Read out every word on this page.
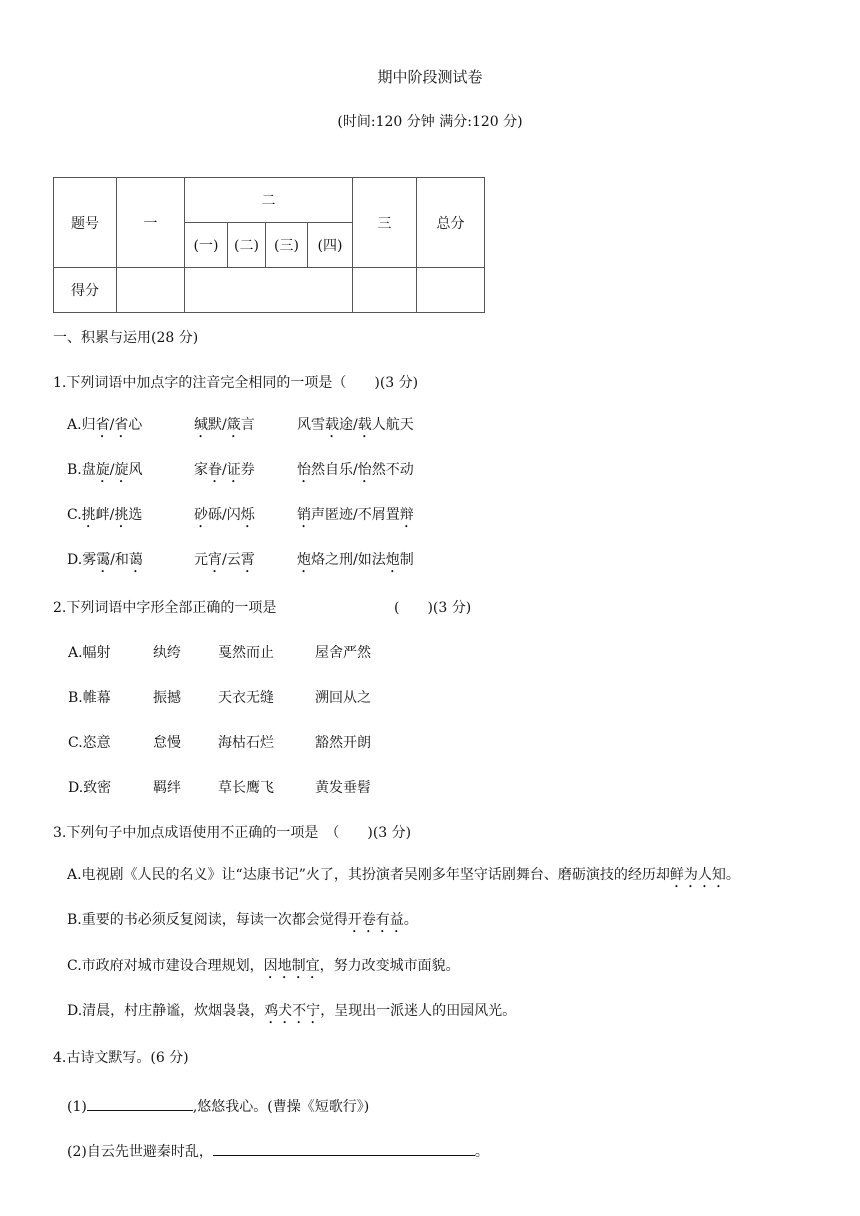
期中阶段测试卷
(时间:120 分钟 满分:120 分)
题号	一	二				三	总分
		(一)	(二)	(三)	(四)		
得分							
一、积累与运用(28 分)
1.下列词语中加点字的注音完全相同的一项是（　　)(3 分)
A.归省/省心	缄默/箴言	风雪载途/载人航天
B.盘旋/旋风	家眷/证券	怡然自乐/怡然不动
C.挑衅/挑选	砂砾/闪烁	销声匿迹/不屑置辩
D.雾霭/和蔼	元宵/云霄	炮烙之刑/如法炮制
2.下列词语中字形全部正确的一项是	(　　)(3 分)
A.幅射	纨绔	戛然而止	屋舍严然
B.帷幕	振撼	天衣无缝	溯回从之
C.恣意	怠慢	海枯石烂	豁然开朗
D.致密	羁绊	草长鹰飞	黄发垂髫
3.下列句子中加点成语使用不正确的一项是　（　　)(3 分)
A.电视剧《人民的名义》让“达康书记”火了，其扮演者吴刚多年坚守话剧舞台、磨砺演技的经历却鲜为人知。
B.重要的书必须反复阅读，每读一次都会觉得开卷有益。
C.市政府对城市建设合理规划，因地制宜，努力改变城市面貌。
D.清晨，村庄静谧，炊烟袅袅，鸡犬不宁，呈现出一派迷人的田园风光。
4.古诗文默写。(6 分)
(1)	,悠悠我心。(曹操《短歌行》)
(2)自云先世避秦时乱，	。
